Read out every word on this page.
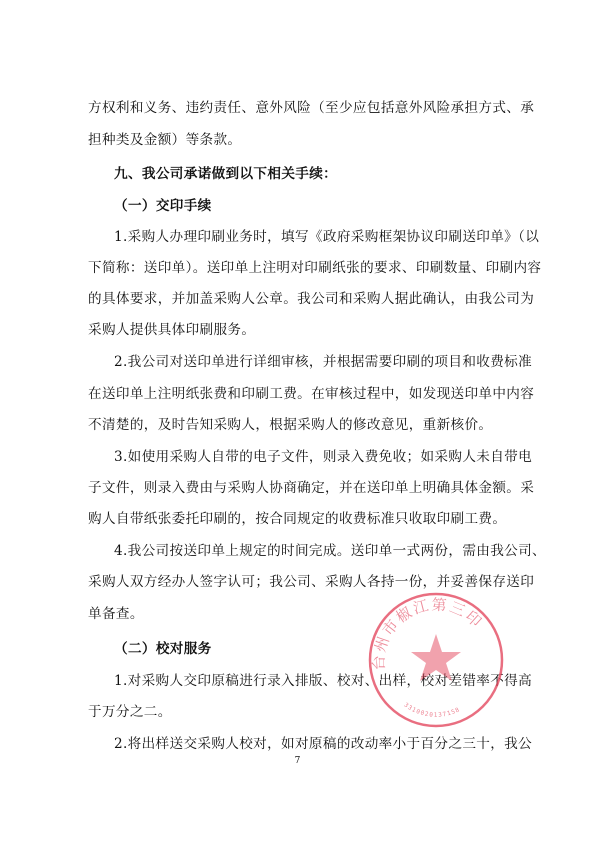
方权利和义务、违约责任、意外风险（至少应包括意外风险承担方式、承
担种类及金额）等条款。
九、我公司承诺做到以下相关手续：
（一）交印手续
1.采购人办理印刷业务时，填写《政府采购框架协议印刷送印单》（以
下简称：送印单）。送印单上注明对印刷纸张的要求、印刷数量、印刷内容
的具体要求，并加盖采购人公章。我公司和采购人据此确认，由我公司为
采购人提供具体印刷服务。
2.我公司对送印单进行详细审核，并根据需要印刷的项目和收费标准
在送印单上注明纸张费和印刷工费。在审核过程中，如发现送印单中内容
不清楚的，及时告知采购人，根据采购人的修改意见，重新核价。
3.如使用采购人自带的电子文件，则录入费免收；如采购人未自带电
子文件，则录入费由与采购人协商确定，并在送印单上明确具体金额。采
购人自带纸张委托印刷的，按合同规定的收费标准只收取印刷工费。
4.我公司按送印单上规定的时间完成。送印单一式两份，需由我公司、
采购人双方经办人签字认可；我公司、采购人各持一份，并妥善保存送印
单备查。
（二）校对服务
1.对采购人交印原稿进行录入排版、校对、出样，校对差错率不得高
于万分之二。
2.将出样送交采购人校对，如对原稿的改动率小于百分之三十，我公
台州市椒江第三印
3310020137158
7
